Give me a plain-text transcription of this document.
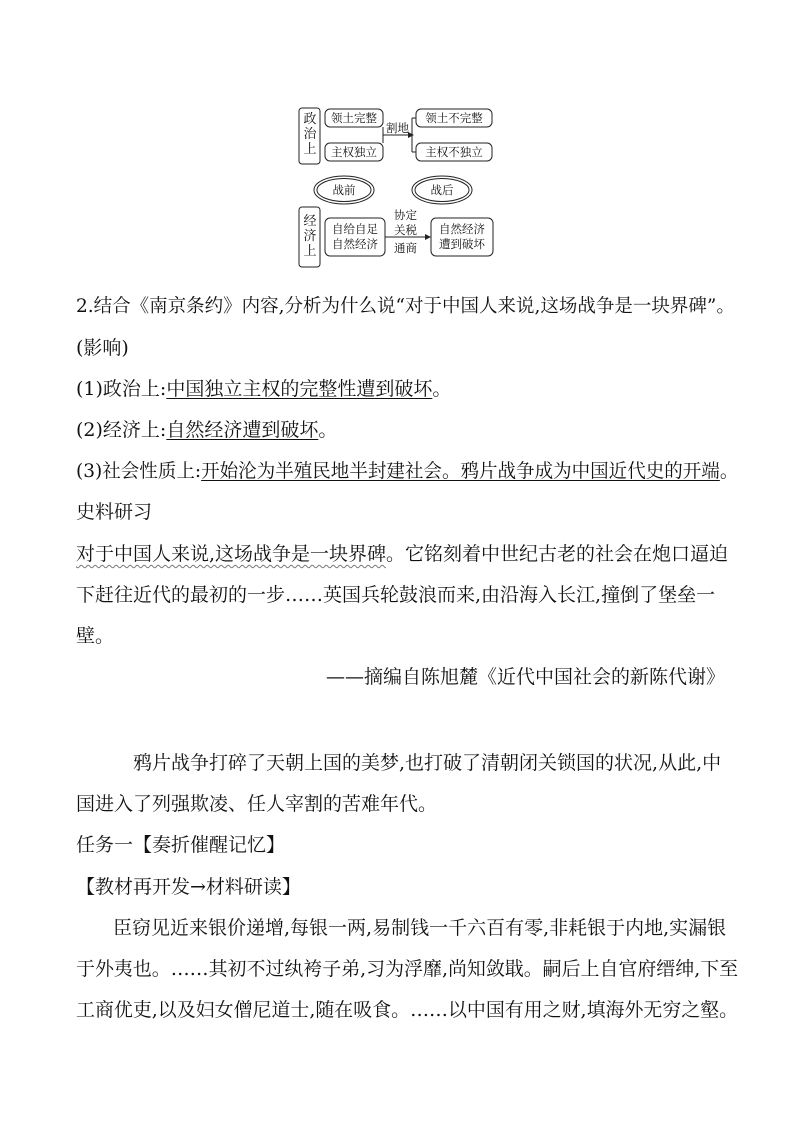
政
治
上
经
济
上
领土完整
主权独立
领土不完整
主权不独立
割地
战前	战后
自给自足
自然经济
协定
关税
通商
自然经济
遭到破坏
2.结合《南京条约》内容,分析为什么说“对于中国人来说,这场战争是一块界碑”。
(影响)
(1)政治上:中国独立主权的完整性遭到破坏。
(2)经济上:自然经济遭到破坏。
(3)社会性质上:开始沦为半殖民地半封建社会。鸦片战争成为中国近代史的开端。
史料研习
对于中国人来说,这场战争是一块界碑。它铭刻着中世纪古老的社会在炮口逼迫
下赶往近代的最初的一步……英国兵轮鼓浪而来,由沿海入长江,撞倒了堡垒一
壁。
——摘编自陈旭麓《近代中国社会的新陈代谢》
鸦片战争打碎了天朝上国的美梦,也打破了清朝闭关锁国的状况,从此,中
国进入了列强欺凌、任人宰割的苦难年代。
任务一【奏折催醒记忆】
【教材再开发→材料研读】
臣窃见近来银价递增,每银一两,易制钱一千六百有零,非耗银于内地,实漏银
于外夷也。……其初不过纨袴子弟,习为浮靡,尚知敛戢。嗣后上自官府缙绅,下至
工商优吏,以及妇女僧尼道士,随在吸食。……以中国有用之财,填海外无穷之壑。
